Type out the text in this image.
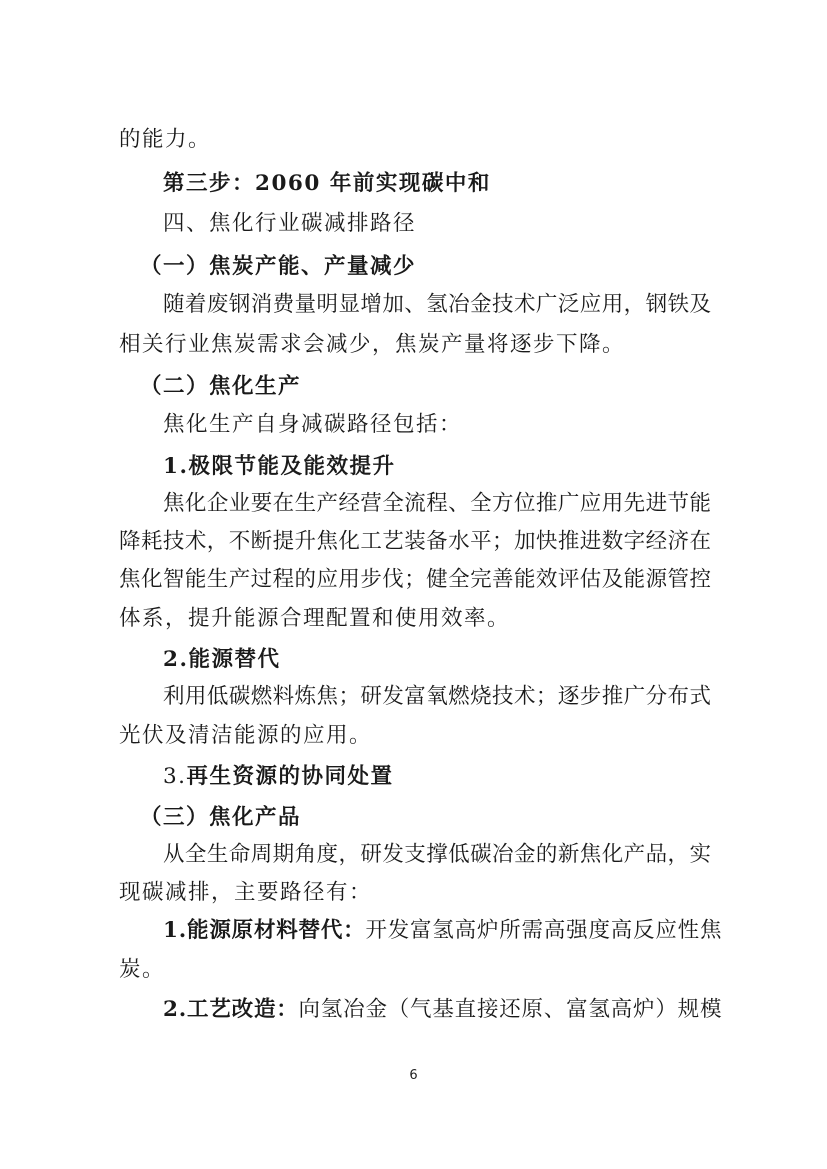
的能力。
第三步：2060 年前实现碳中和
四、焦化行业碳减排路径
（一）焦炭产能、产量减少
随着废钢消费量明显增加、氢冶金技术广泛应用，钢铁及
相关行业焦炭需求会减少，焦炭产量将逐步下降。
（二）焦化生产
焦化生产自身减碳路径包括：
1.极限节能及能效提升
焦化企业要在生产经营全流程、全方位推广应用先进节能
降耗技术，不断提升焦化工艺装备水平；加快推进数字经济在
焦化智能生产过程的应用步伐；健全完善能效评估及能源管控
体系，提升能源合理配置和使用效率。
2.能源替代
利用低碳燃料炼焦；研发富氧燃烧技术；逐步推广分布式
光伏及清洁能源的应用。
3.再生资源的协同处置
（三）焦化产品
从全生命周期角度，研发支撑低碳冶金的新焦化产品，实
现碳减排，主要路径有：
1.能源原材料替代：开发富氢高炉所需高强度高反应性焦
炭。
2.工艺改造：向氢冶金（气基直接还原、富氢高炉）规模
6
